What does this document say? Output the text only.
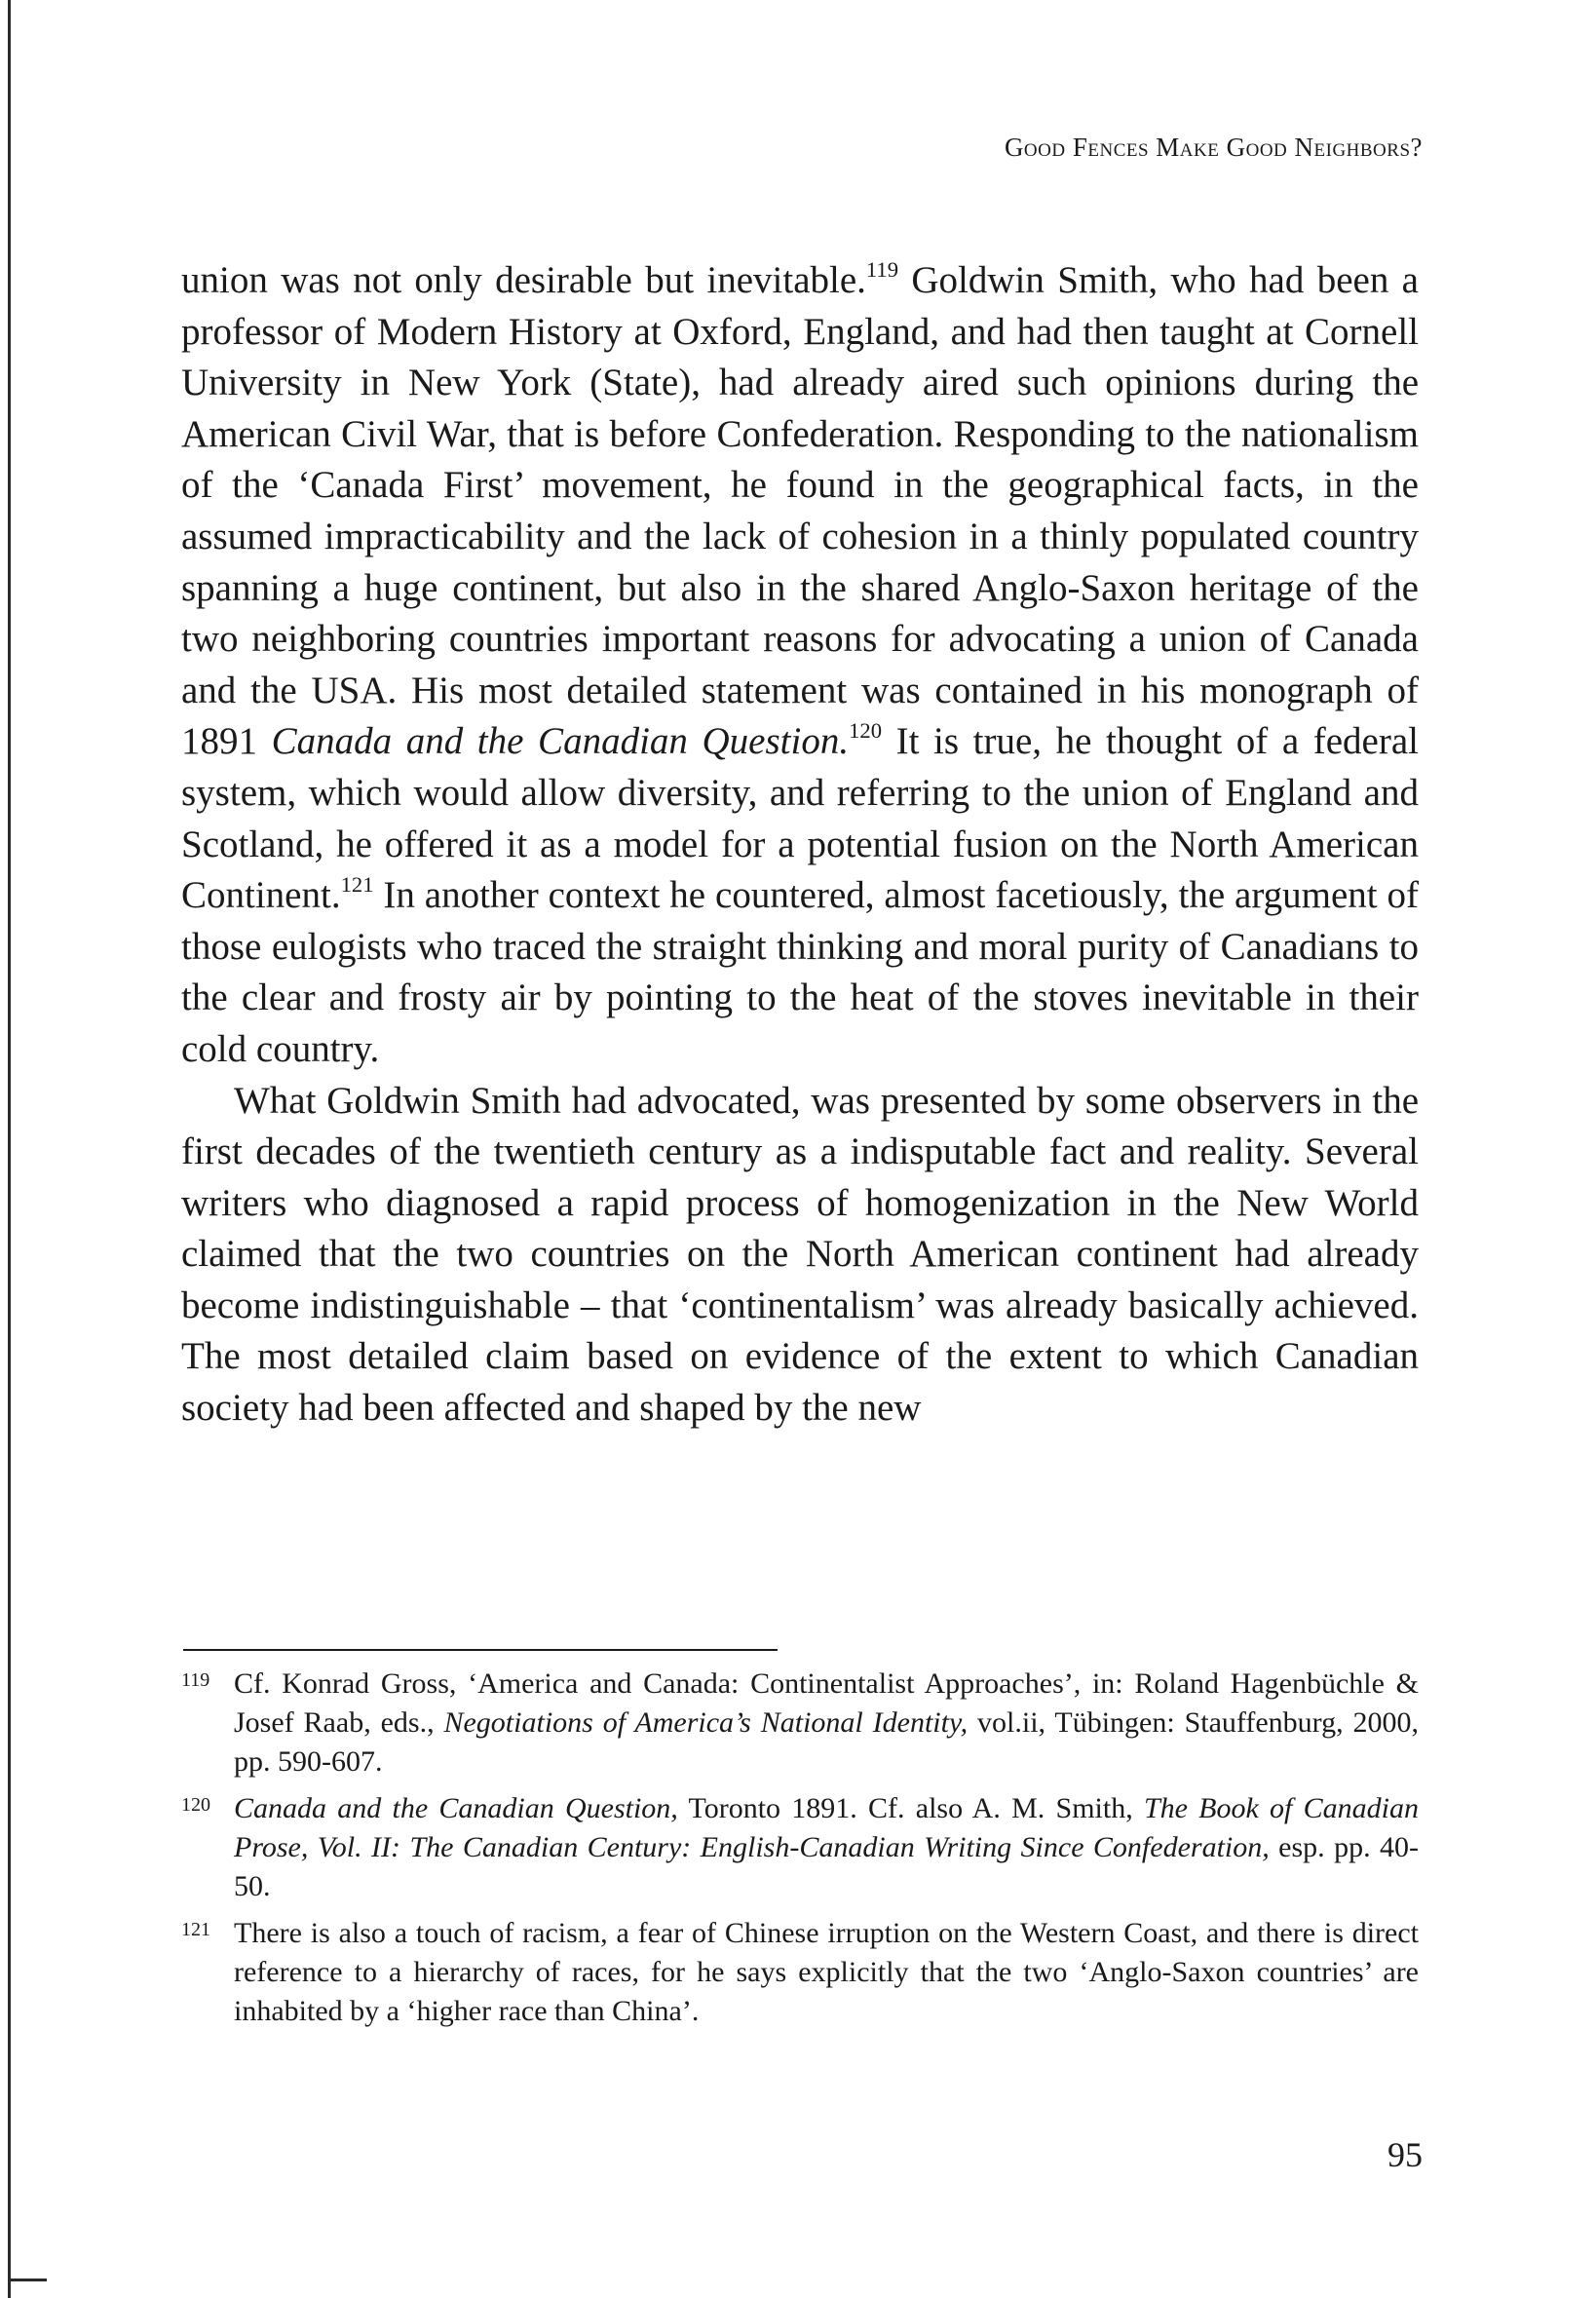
Good Fences Make Good Neighbors?

union was not only desirable but inevitable.$^{119}$ Goldwin Smith, who had been a professor of Modern History at Oxford, England, and had then taught at Cornell University in New York (State), had already aired such opinions during the American Civil War, that is before Confederation. Responding to the nationalism of the ‘Canada First’ movement, he found in the geographical facts, in the assumed impracticability and the lack of cohesion in a thinly populated country spanning a huge continent, but also in the shared Anglo-Saxon heritage of the two neighboring countries important reasons for advocating a union of Canada and the USA. His most detailed statement was contained in his monograph of 1891 Canada and the Canadian Question.$^{120}$ It is true, he thought of a federal system, which would allow diversity, and referring to the union of England and Scotland, he offered it as a model for a potential fusion on the North American Continent.$^{121}$ In another context he countered, almost facetiously, the argument of those eulogists who traced the straight thinking and moral purity of Canadians to the clear and frosty air by pointing to the heat of the stoves inevitable in their cold country.

What Goldwin Smith had advocated, was presented by some observers in the first decades of the twentieth century as a indisputable fact and reality. Several writers who diagnosed a rapid process of homogenization in the New World claimed that the two countries on the North American continent had already become indistinguishable – that ‘continentalism’ was already basically achieved. The most detailed claim based on evidence of the extent to which Canadian society had been affected and shaped by the new

119 Cf. Konrad Gross, ‘America and Canada: Continentalist Approaches’, in: Roland Hagenbüchle & Josef Raab, eds., Negotiations of America’s National Identity, vol.ii, Tübingen: Stauffenburg, 2000, pp. 590-607.
120 Canada and the Canadian Question, Toronto 1891. Cf. also A. M. Smith, The Book of Canadian Prose, Vol. II: The Canadian Century: English-Canadian Writing Since Confederation, esp. pp. 40-50.
121 There is also a touch of racism, a fear of Chinese irruption on the Western Coast, and there is direct reference to a hierarchy of races, for he says explicitly that the two ‘Anglo-Saxon countries’ are inhabited by a ‘higher race than China’.
95
